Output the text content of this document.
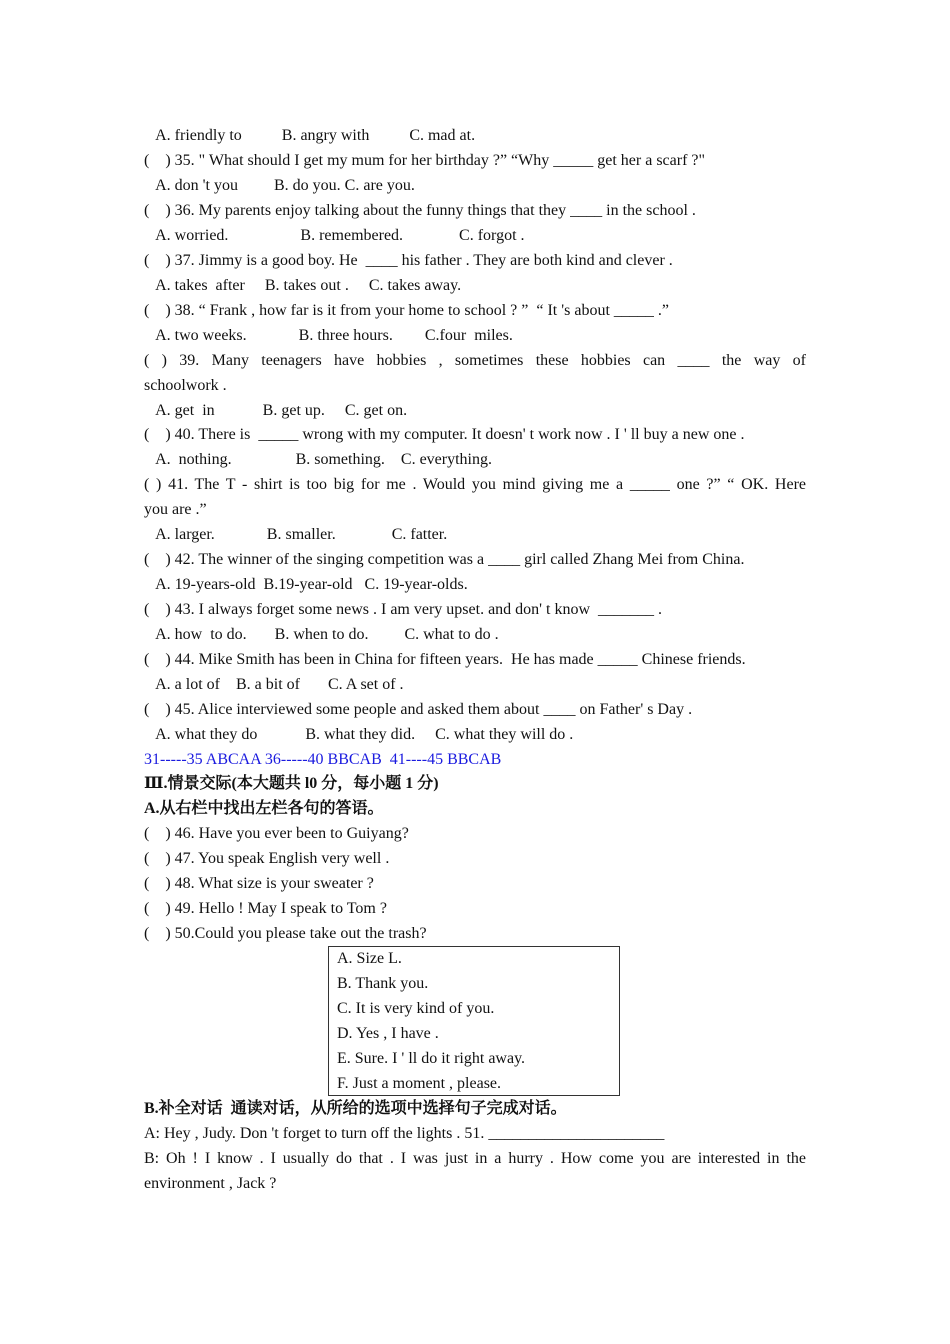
A. friendly to          B. angry with          C. mad at.
(    ) 35. " What should I get my mum for her birthday ?” “Why _____ get her a scarf ?"
A. don 't you         B. do you. C. are you.
(    ) 36. My parents enjoy talking about the funny things that they ____ in the school .
A. worried.                  B. remembered.              C. forgot .
(    ) 37. Jimmy is a good boy. He  ____ his father . They are both kind and clever .
A. takes  after     B. takes out .     C. takes away.
(    ) 38. “ Frank , how far is it from your home to school ? ”  “ It 's about _____ .”
A. two weeks.             B. three hours.        C.four  miles.
( ) 39. Many teenagers have hobbies , sometimes these hobbies can ____ the way of
schoolwork .
A. get  in            B. get up.     C. get on.
(    ) 40. There is  _____ wrong with my computer. It doesn' t work now . I ' ll buy a new one .
A.  nothing.                B. something.    C. everything.
( ) 41. The T - shirt is too big for me . Would you mind giving me a _____ one ?” “ OK. Here
you are .”
A. larger.             B. smaller.              C. fatter.
(    ) 42. The winner of the singing competition was a ____ girl called Zhang Mei from China.
A. 19-years-old  B.19-year-old   C. 19-year-olds.
(    ) 43. I always forget some news . I am very upset. and don' t know  _______ .
A. how  to do.       B. when to do.         C. what to do .
(    ) 44. Mike Smith has been in China for fifteen years.  He has made _____ Chinese friends.
A. a lot of    B. a bit of       C. A set of .
(    ) 45. Alice interviewed some people and asked them about ____ on Father' s Day .
A. what they do            B. what they did.     C. what they will do .
31-----35 ABCAA 36-----40 BBCAB  41----45 BBCAB
Ⅲ.情景交际(本大题共 l0 分，每小题 1 分)
A.从右栏中找出左栏各句的答语。
(    ) 46. Have you ever been to Guiyang?
(    ) 47. You speak English very well .
(    ) 48. What size is your sweater ?
(    ) 49. Hello ! May I speak to Tom ?
(    ) 50.Could you please take out the trash?
A. Size L.
B. Thank you.
C. It is very kind of you.
D. Yes , I have .
E. Sure. I ' ll do it right away.
F. Just a moment , please.
B.补全对话  通读对话，从所给的选项中选择句子完成对话。
A: Hey , Judy. Don 't forget to turn off the lights . 51. ______________________
B: Oh ! I know . I usually do that . I was just in a hurry . How come you are interested in the
environment , Jack ?
